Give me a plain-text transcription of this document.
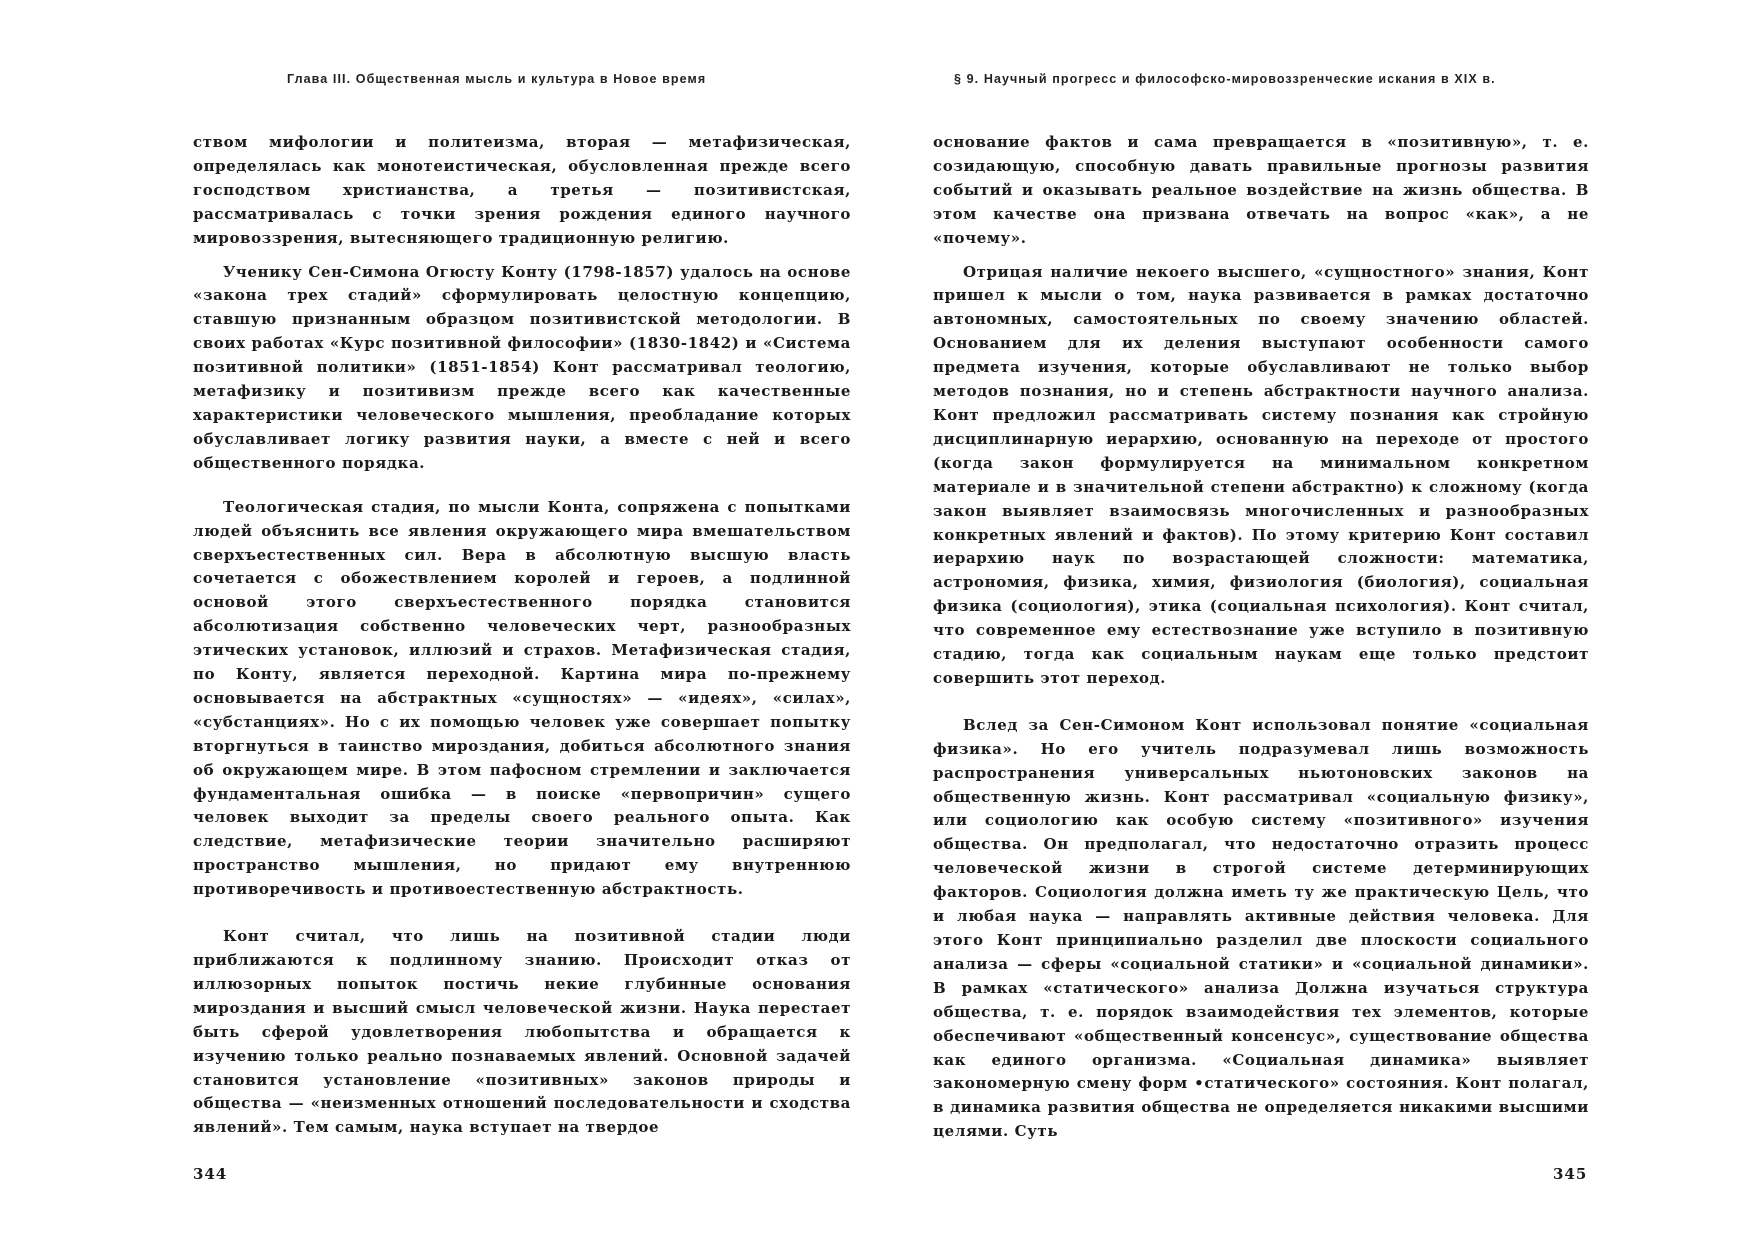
Глава III. Общественная мысль и культура в Новое время

ством мифологии и политеизма, вторая — метафизическая, определялась как монотеистическая, обусловленная прежде всего господством христианства, а третья — позитивистская, рассматривалась с точки зрения рождения единого научного мировоззрения, вытесняющего традиционную религию.

Ученику Сен-Симона Огюсту Конту (1798-1857) удалось на основе «закона трех стадий» сформулировать целостную концепцию, ставшую признанным образцом позитивистской методологии. В своих работах «Курс позитивной философии» (1830-1842) и «Система позитивной политики» (1851-1854) Конт рассматривал теологию, метафизику и позитивизм прежде всего как качественные характеристики человеческого мышления, преобладание которых обуславливает логику развития науки, а вместе с ней и всего общественного порядка.

Теологическая стадия, по мысли Конта, сопряжена с попытками людей объяснить все явления окружающего мира вмешательством сверхъестественных сил. Вера в абсолютную высшую власть сочетается с обожествлением королей и героев, а подлинной основой этого сверхъестественного порядка становится абсолютизация собственно человеческих черт, разнообразных этических установок, иллюзий и страхов. Метафизическая стадия, по Конту, является переходной. Картина мира по-прежнему основывается на абстрактных «сущностях» — «идеях», «силах», «субстанциях». Но с их помощью человек уже совершает попытку вторгнуться в таинство мироздания, добиться абсолютного знания об окружающем мире. В этом пафосном стремлении и заключается фундаментальная ошибка — в поиске «первопричин» сущего человек выходит за пределы своего реального опыта. Как следствие, метафизические теории значительно расширяют пространство мышления, но придают ему внутреннюю противоречивость и противоестественную абстрактность.

Конт считал, что лишь на позитивной стадии люди приближаются к подлинному знанию. Происходит отказ от иллюзорных попыток постичь некие глубинные основания мироздания и высший смысл человеческой жизни. Наука перестает быть сферой удовлетворения любопытства и обращается к изучению только реально познаваемых явлений. Основной задачей становится установление «позитивных» законов природы и общества — «неизменных отношений последовательности и сходства явлений». Тем самым, наука вступает на твердое

344
§ 9. Научный прогресс и философско-мировоззренческие искания в XIX в.

основание фактов и сама превращается в «позитивную», т. е. созидающую, способную давать правильные прогнозы развития событий и оказывать реальное воздействие на жизнь общества. В этом качестве она призвана отвечать на вопрос «как», а не «почему».

Отрицая наличие некоего высшего, «сущностного» знания, Конт пришел к мысли о том, наука развивается в рамках достаточно автономных, самостоятельных по своему значению областей. Основанием для их деления выступают особенности самого предмета изучения, которые обуславливают не только выбор методов познания, но и степень абстрактности научного анализа. Конт предложил рассматривать систему познания как стройную дисциплинарную иерархию, основанную на переходе от простого (когда закон формулируется на минимальном конкретном материале и в значительной степени абстрактно) к сложному (когда закон выявляет взаимосвязь многочисленных и разнообразных конкретных явлений и фактов). По этому критерию Конт составил иерархию наук по возрастающей сложности: математика, астрономия, физика, химия, физиология (биология), социальная физика (социология), этика (социальная психология). Конт считал, что современное ему естествознание уже вступило в позитивную стадию, тогда как социальным наукам еще только предстоит совершить этот переход.

Вслед за Сен-Симоном Конт использовал понятие «социальная физика». Но его учитель подразумевал лишь возможность распространения универсальных ньютоновских законов на общественную жизнь. Конт рассматривал «социальную физику», или социологию как особую систему «позитивного» изучения общества. Он предполагал, что недостаточно отразить процесс человеческой жизни в строгой системе детерминирующих факторов. Социология должна иметь ту же практическую Цель, что и любая наука — направлять активные действия человека. Для этого Конт принципиально разделил две плоскости социального анализа — сферы «социальной статики» и «социальной динамики». В рамках «статического» анализа Должна изучаться структура общества, т. е. порядок взаимодействия тех элементов, которые обеспечивают «общественный консенсус», существование общества как единого организма. «Социальная динамика» выявляет закономерную смену форм •статического» состояния. Конт полагал, в динамика развития общества не определяется никакими высшими целями. Суть

345
